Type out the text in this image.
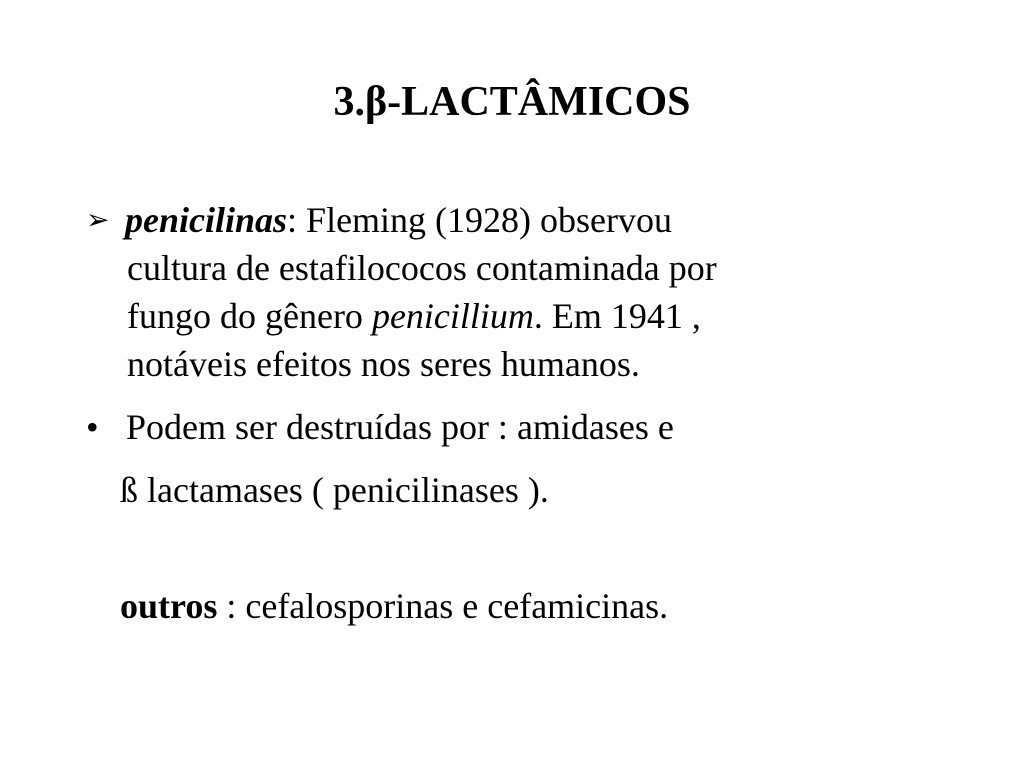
3.β-LACTÂMICOS
➢ penicilinas: Fleming (1928) observou
cultura de estafilococos contaminada por
fungo do gênero penicillium. Em 1941 ,
notáveis efeitos nos seres humanos.
• Podem ser destruídas por : amidases e
ß lactamases ( penicilinases ).
outros : cefalosporinas e cefamicinas.
